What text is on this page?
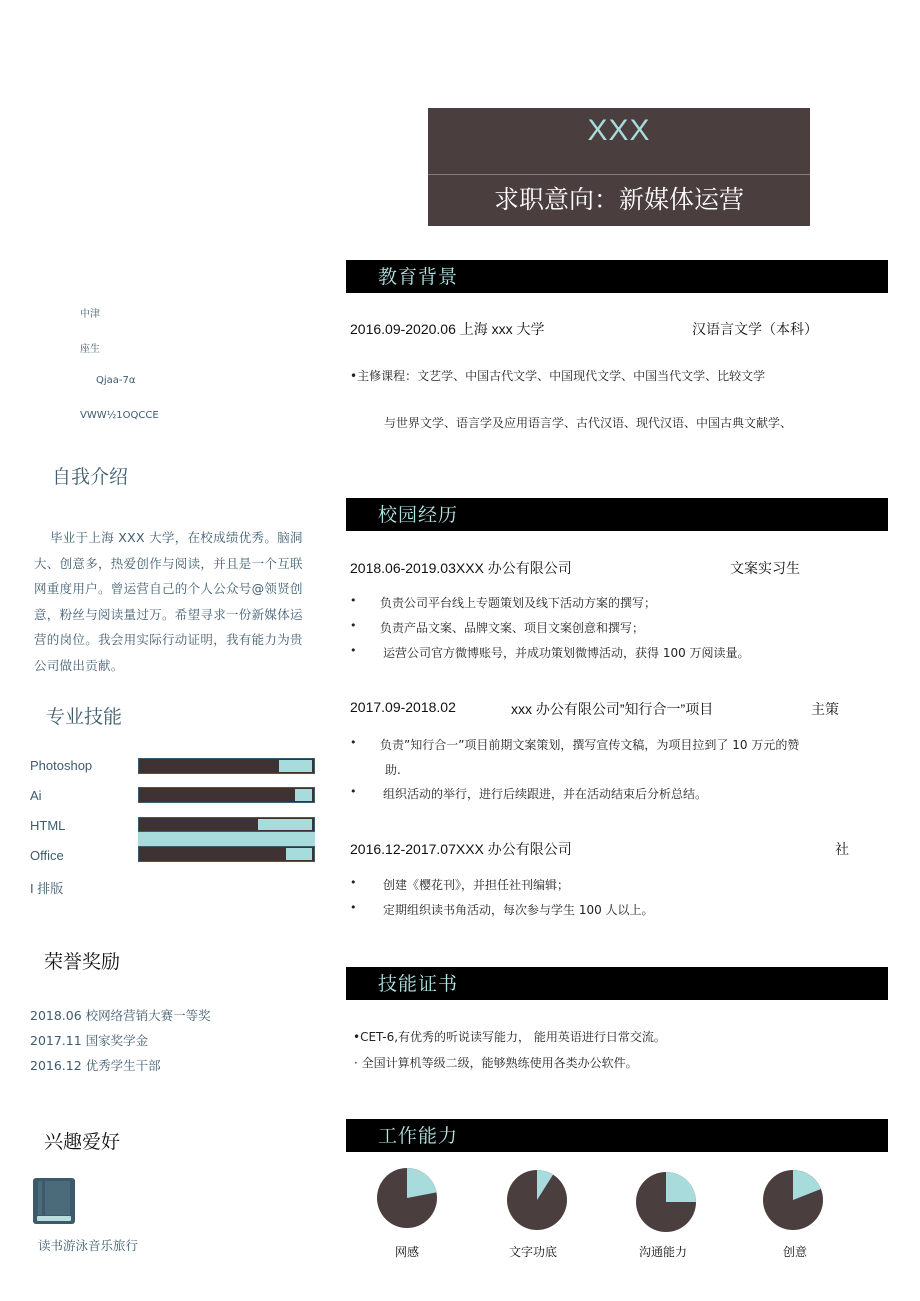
XXX
求职意向：新媒体运营
中津
座生
Qjaa-7α
VWW½1OQCCE
自我介绍
毕业于上海 XXX 大学，在校成绩优秀。脑洞大、创意多，热爱创作与阅读，并且是一个互联网重度用户。曾运营自己的个人公众号@领贤创意，粉丝与阅读量过万。希望寻求一份新媒体运营的岗位。我会用实际行动证明，我有能力为贵公司做出贡献。
专业技能
Photoshop
Ai
HTML
Office
I 排版
荣誉奖励
2018.06 校网络营销大赛一等奖
2017.11 国家奖学金
2016.12 优秀学生干部
兴趣爱好
读书游泳音乐旅行
教育背景
2016.09-2020.06 上海 xxx 大学	汉语言文学（本科）
•主修课程：文艺学、中国古代文学、中国现代文学、中国当代文学、比较文学
与世界文学、语言学及应用语言学、古代汉语、现代汉语、中国古典文献学、
校园经历
2018.06-2019.03XXX 办公有限公司	文案实习生
• 负责公司平台线上专题策划及线下活动方案的撰写；
• 负责产品文案、品牌文案、项目文案创意和撰写；
• 运营公司官方微博账号，并成功策划微博活动，获得 100 万阅读量。
2017.09-2018.02	xxx 办公有限公司”知行合一”项目	主策
• 负责”知行合一”项目前期文案策划，撰写宣传文稿，为项目拉到了 10 万元的赞
助.
• 组织活动的举行，进行后续跟进，并在活动结束后分析总结。
2016.12-2017.07XXX 办公有限公司	社
• 创建《樱花刊》，并担任社刊编辑；
• 定期组织读书角活动，每次参与学生 100 人以上。
技能证书
•CET-6,有优秀的听说读写能力， 能用英语进行日常交流。
· 全国计算机等级二级，能够熟练使用各类办公软件。
工作能力
网感	文字功底	沟通能力	创意
